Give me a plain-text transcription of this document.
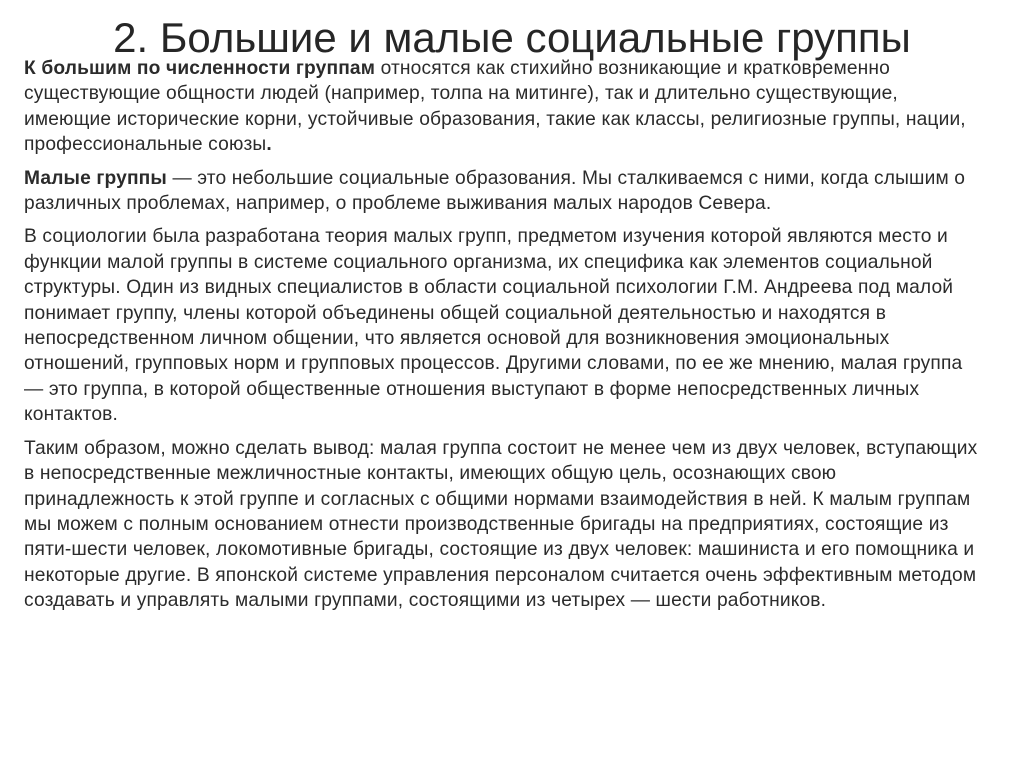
2. Большие и малые социальные группы

К большим по численности группам относятся как стихийно возникающие и кратковременно существующие общности людей (например, толпа на митинге), так и длительно существующие, имеющие исторические корни, устойчивые образования, такие как классы, религиозные группы, нации, профессиональные союзы.

Малые группы — это небольшие социальные образования. Мы сталкиваемся с ними, когда слышим о различных проблемах, например, о проблеме выживания малых народов Севера.

В социологии была разработана теория малых групп, предметом изучения которой являются место и функции малой группы в системе социального организма, их специфика как элементов социальной структуры. Один из видных специалистов в области социальной психологии Г.М. Андреева под малой понимает группу, члены которой объединены общей социальной деятельностью и находятся в непосредственном личном общении, что является основой для возникновения эмоциональных отношений, групповых норм и групповых процессов. Другими словами, по ее же мнению, малая группа — это группа, в которой общественные отношения выступают в форме непосредственных личных контактов.

Таким образом, можно сделать вывод: малая группа состоит не менее чем из двух человек, вступающих в непосредственные межличностные контакты, имеющих общую цель, осознающих свою принадлежность к этой группе и согласных с общими нормами взаимодействия в ней. К малым группам мы можем с полным основанием отнести производственные бригады на предприятиях, состоящие из пяти-шести человек, локомотивные бригады, состоящие из двух человек: машиниста и его помощника и некоторые другие. В японской системе управления персоналом считается очень эффективным методом создавать и управлять малыми группами, состоящими из четырех — шести работников.
